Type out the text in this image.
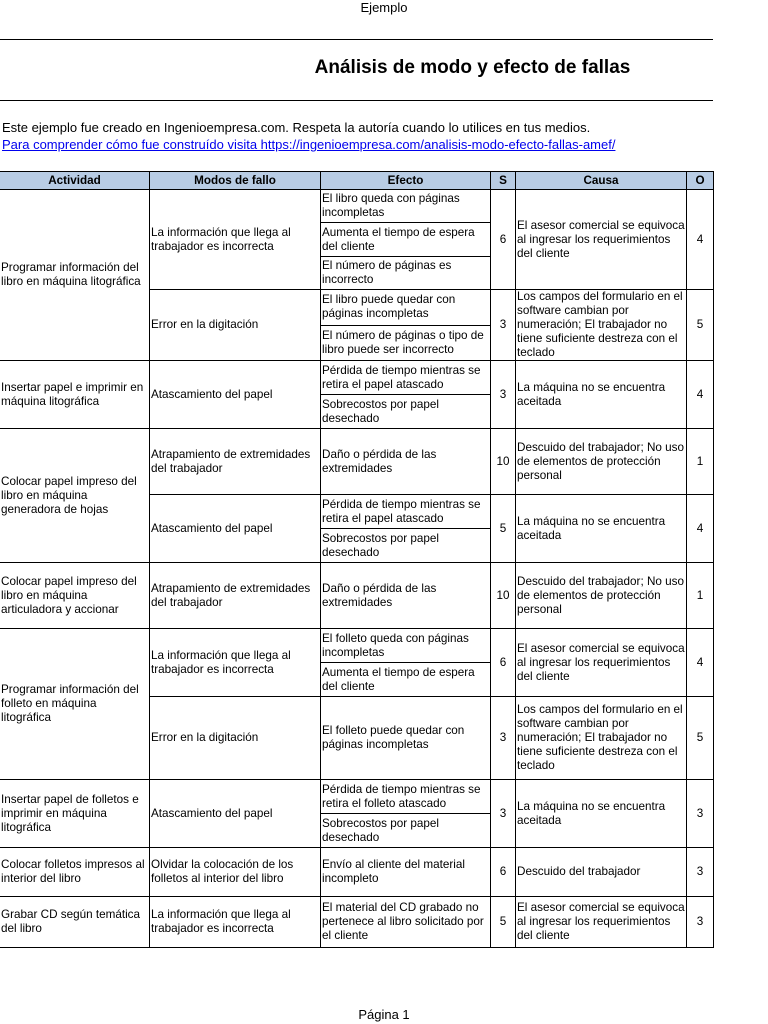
Ejemplo
Análisis de modo y efecto de fallas
Este ejemplo fue creado en Ingenioempresa.com. Respeta la autoría cuando lo utilices en tus medios.
Para comprender cómo fue construído visita https://ingenioempresa.com/analisis-modo-efecto-fallas-amef/
Actividad	Modos de fallo	Efecto	S	Causa	O
Programar información del libro en máquina litográfica	La información que llega al trabajador es incorrecta	El libro queda con páginas incompletas	6	El asesor comercial se equivoca al ingresar los requerimientos del cliente	4
		Aumenta el tiempo de espera del cliente			
		El número de páginas es incorrecto			
	Error en la digitación	El libro puede quedar con páginas incompletas	3	Los campos del formulario en el software cambian por numeración; El trabajador no tiene suficiente destreza con el teclado	5
		El número de páginas o tipo de libro puede ser incorrecto			
Insertar papel e imprimir en máquina litográfica	Atascamiento del papel	Pérdida de tiempo mientras se retira el papel atascado	3	La máquina no se encuentra aceitada	4
		Sobrecostos por papel desechado			
Colocar papel impreso del libro en máquina generadora de hojas	Atrapamiento de extremidades del trabajador	Daño o pérdida de las extremidades	10	Descuido del trabajador; No uso de elementos de protección personal	1
	Atascamiento del papel	Pérdida de tiempo mientras se retira el papel atascado	5	La máquina no se encuentra aceitada	4
		Sobrecostos por papel desechado			
Colocar papel impreso del libro en máquina articuladora y accionar	Atrapamiento de extremidades del trabajador	Daño o pérdida de las extremidades	10	Descuido del trabajador; No uso de elementos de protección personal	1
Programar información del folleto en máquina litográfica	La información que llega al trabajador es incorrecta	El folleto queda con páginas incompletas	6	El asesor comercial se equivoca al ingresar los requerimientos del cliente	4
		Aumenta el tiempo de espera del cliente			
	Error en la digitación	El folleto puede quedar con páginas incompletas	3	Los campos del formulario en el software cambian por numeración; El trabajador no tiene suficiente destreza con el teclado	5
Insertar papel de folletos e imprimir en máquina litográfica	Atascamiento del papel	Pérdida de tiempo mientras se retira el folleto atascado	3	La máquina no se encuentra aceitada	3
		Sobrecostos por papel desechado			
Colocar folletos impresos al interior del libro	Olvidar la colocación de los folletos al interior del libro	Envío al cliente del material incompleto	6	Descuido del trabajador	3
Grabar CD según temática del libro	La información que llega al trabajador es incorrecta	El material del CD grabado no pertenece al libro solicitado por el cliente	5	El asesor comercial se equivoca al ingresar los requerimientos del cliente	3
Página 1
